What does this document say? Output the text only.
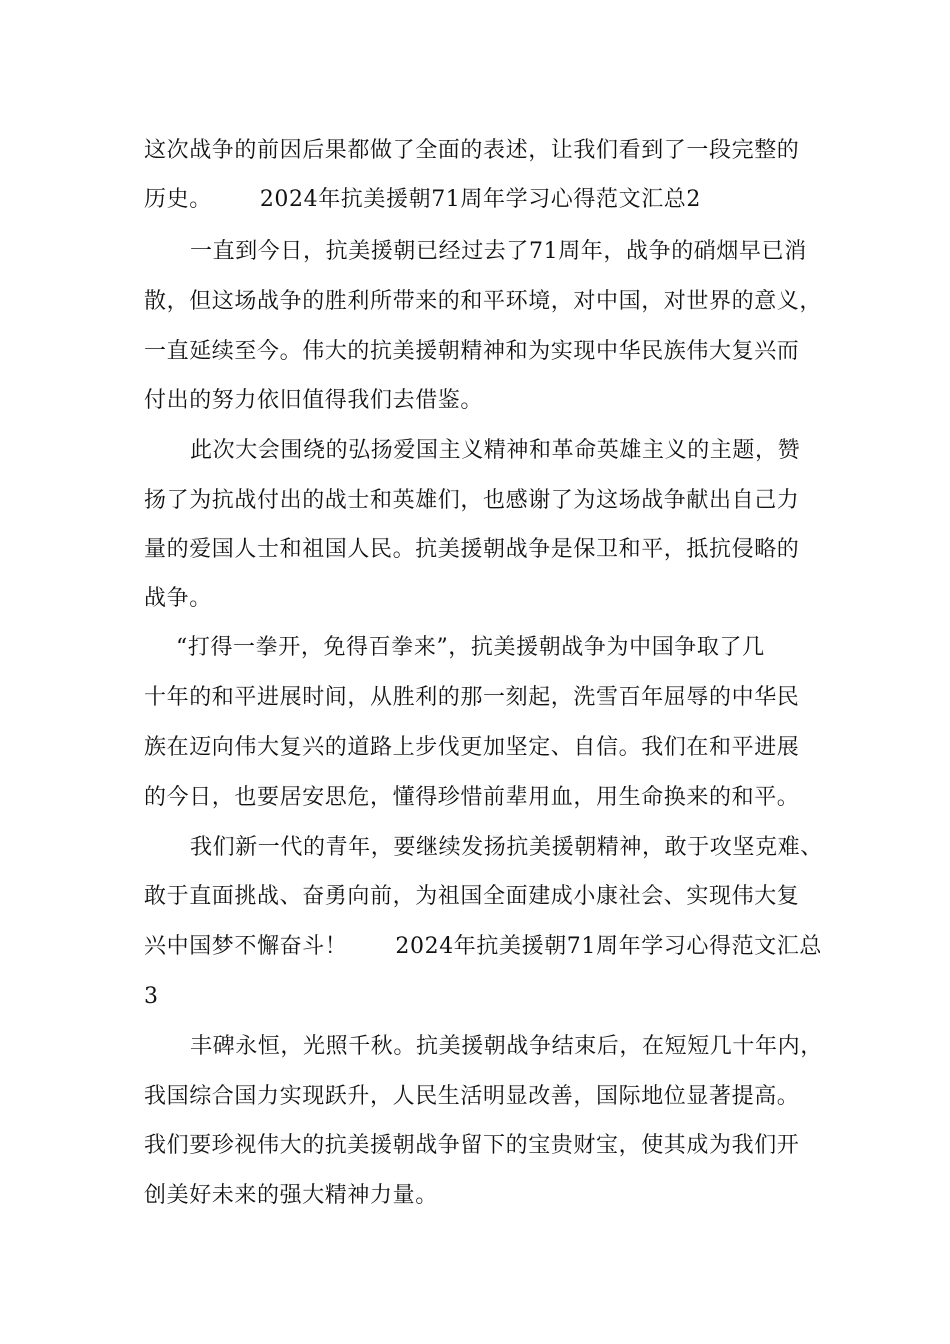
这次战争的前因后果都做了全面的表述，让我们看到了一段完整的
历史。 2024年抗美援朝71周年学习心得范文汇总2
一直到今日，抗美援朝已经过去了71周年，战争的硝烟早已消
散，但这场战争的胜利所带来的和平环境，对中国，对世界的意义，
一直延续至今。伟大的抗美援朝精神和为实现中华民族伟大复兴而
付出的努力依旧值得我们去借鉴。
此次大会围绕的弘扬爱国主义精神和革命英雄主义的主题，赞
扬了为抗战付出的战士和英雄们，也感谢了为这场战争献出自己力
量的爱国人士和祖国人民。抗美援朝战争是保卫和平，抵抗侵略的
战争。
“打得一拳开，免得百拳来”，抗美援朝战争为中国争取了几
十年的和平进展时间，从胜利的那一刻起，洗雪百年屈辱的中华民
族在迈向伟大复兴的道路上步伐更加坚定、自信。我们在和平进展
的今日，也要居安思危，懂得珍惜前辈用血，用生命换来的和平。
我们新一代的青年，要继续发扬抗美援朝精神，敢于攻坚克难、
敢于直面挑战、奋勇向前，为祖国全面建成小康社会、实现伟大复
兴中国梦不懈奋斗！ 2024年抗美援朝71周年学习心得范文汇总
3
丰碑永恒，光照千秋。抗美援朝战争结束后，在短短几十年内，
我国综合国力实现跃升，人民生活明显改善，国际地位显著提高。
我们要珍视伟大的抗美援朝战争留下的宝贵财宝，使其成为我们开
创美好未来的强大精神力量。
